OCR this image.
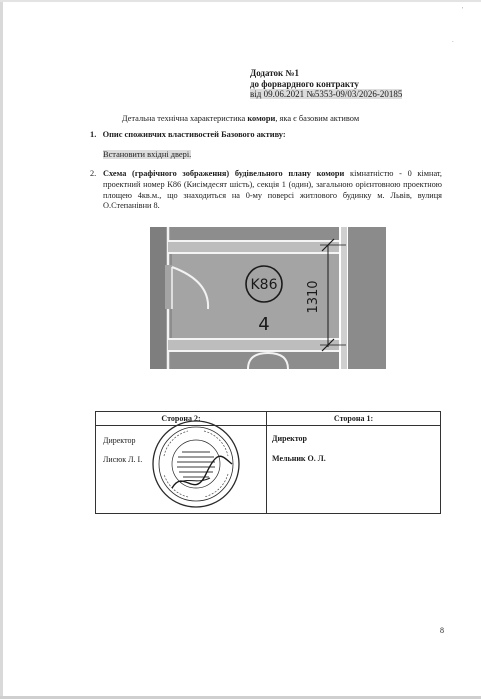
'
.
Додаток №1
до форвардного контракту
від 09.06.2021 №5353-09/03/2026-20185
Детальна технічна характеристика комори, яка є базовим активом
1. Опис споживчих властивостей Базового активу:
Встановити вхідні двері.
2. Схема (графічного зображення) будівельного плану комори кімнатністю - 0 кімнат, проектний номер К86 (Кисімдесят шість), секція 1 (один), загальною орієнтовною проектною площею 4кв.м., що знаходиться на 0-му поверсі житлового будинку м. Львів, вулиця О.Степанівни 8.
K86
4
1310
Сторона 2:	Сторона 1:
Директор
Лисюк Л. І.
Директор
Мельник О. Л.
8
